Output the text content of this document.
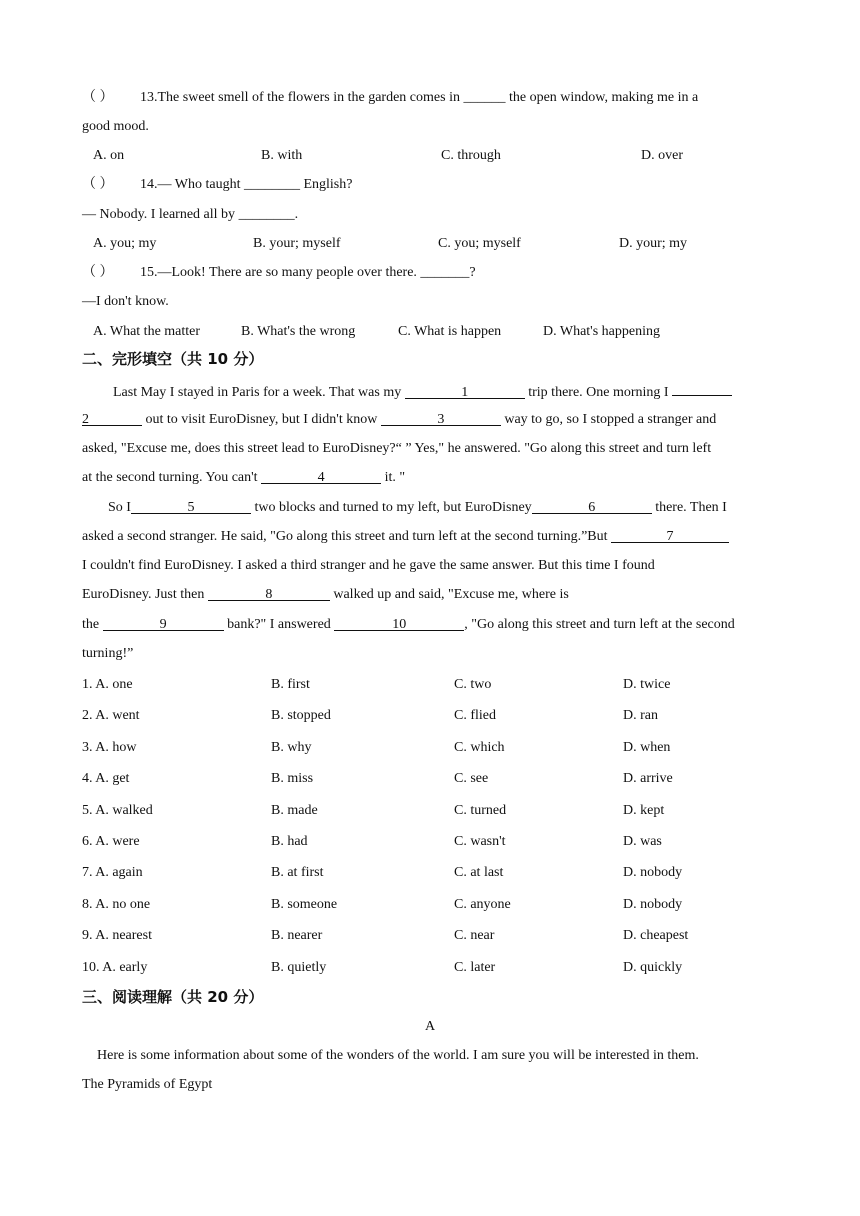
（ ） 13.The sweet smell of the flowers in the garden comes in ______ the open window, making me in a
good mood.
A. on	B. with	C. through	D. over
（ ） 14.— Who taught ________ English?
— Nobody. I learned all by ________.
A. you; my	B. your; myself	C. you; myself	D. your; my
（ ） 15.—Look! There are so many people over there. _______?
—I don't know.
A. What the matter	B. What's the wrong	C. What is happen	D. What's happening
二、完形填空（共 10 分）
Last May I stayed in Paris for a week. That was my	1	trip there. One morning I
2	out to visit EuroDisney, but I didn't know	3	way to go, so I stopped a stranger and
asked, "Excuse me, does this street lead to EuroDisney?“ ” Yes," he answered. "Go along this street and turn left
at the second turning. You can't	4	it. "
So I	5	two blocks and turned to my left, but EuroDisney	6	there. Then I
asked a second stranger. He said, "Go along this street and turn left at the second turning.”But	7
I couldn't find EuroDisney. I asked a third stranger and he gave the same answer. But this time I found
EuroDisney. Just then	8	walked up and said, "Excuse me, where is
the	9	bank?" I answered	10	, "Go along this street and turn left at the second
turning!”
1. A. one	B. first	C. two	D. twice
2. A. went	B. stopped	C. flied	D. ran
3. A. how	B. why	C. which	D. when
4. A. get	B. miss	C. see	D. arrive
5. A. walked	B. made	C. turned	D. kept
6. A. were	B. had	C. wasn't	D. was
7. A. again	B. at first	C. at last	D. nobody
8. A. no one	B. someone	C. anyone	D. nobody
9. A. nearest	B. nearer	C. near	D. cheapest
10. A. early	B. quietly	C. later	D. quickly
三、阅读理解（共 20 分）
A
Here is some information about some of the wonders of the world. I am sure you will be interested in them.
The Pyramids of Egypt
